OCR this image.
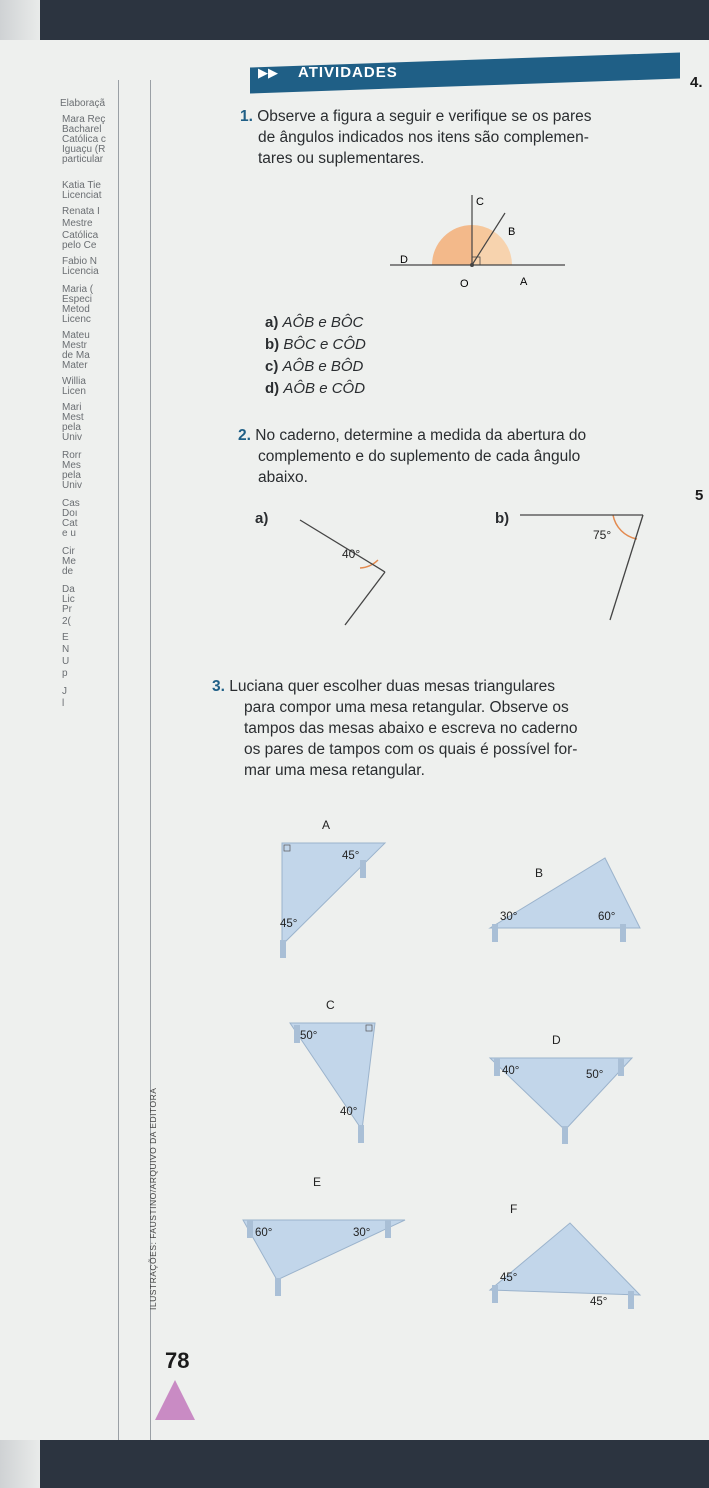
Elaboraçã
Mara Reç
Bacharel
Católica c
Iguaçu (R
particular
Katia Tie
Licenciat
Renata I
Mestre
Católica
pelo Ce
Fabio N
Licencia
Maria (
Especi
Metod
Licenc
Mateu
Mestr
de Ma
Mater
Willia
Licen
Mari
Mest
pela
Univ
Rorr
Mes
pela
Univ
Cas
Doı
Cat
e u
Cir
Me
de
Da
Lic
Pr
2(
E
N
U
p
J
l
▶▶ ATIVIDADES
4.
5
1. Observe a figura a seguir e verifique se os pares
de ângulos indicados nos itens são complemen-
tares ou suplementares.
C
B
D
O	A
a) AÔB e BÔC
b) BÔC e CÔD
c) AÔB e BÔD
d) AÔB e CÔD
2. No caderno, determine a medida da abertura do
complemento e do suplemento de cada ângulo
abaixo.
a)
40°
b)
75°
3. Luciana quer escolher duas mesas triangulares
para compor uma mesa retangular. Observe os
tampos das mesas abaixo e escreva no caderno
os pares de tampos com os quais é possível for-
mar uma mesa retangular.
A
45°
45°
B
30°	60°
C
50°
40°
D
40°	50°
E
60°	30°
F
45°
45°
ILUSTRAÇÕES: FAUSTINO/ARQUIVO DA EDITORA
78
